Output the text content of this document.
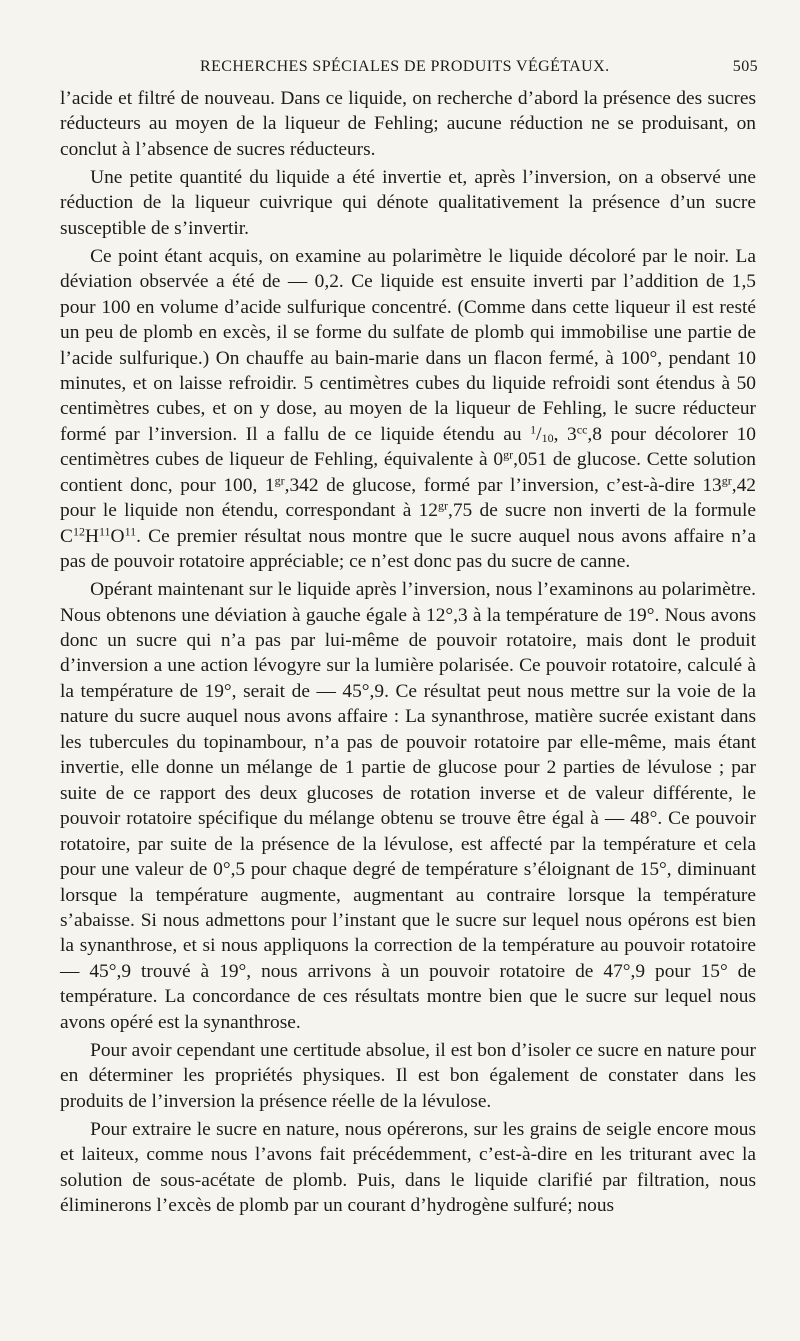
RECHERCHES SPÉCIALES DE PRODUITS VÉGÉTAUX.	505

l’acide et filtré de nouveau. Dans ce liquide, on recherche d’abord la présence des sucres réducteurs au moyen de la liqueur de Fehling; aucune réduction ne se produisant, on conclut à l’absence de sucres réducteurs.

Une petite quantité du liquide a été invertie et, après l’inversion, on a observé une réduction de la liqueur cuivrique qui dénote qualitativement la présence d’un sucre susceptible de s’invertir.

Ce point étant acquis, on examine au polarimètre le liquide décoloré par le noir. La déviation observée a été de — 0,2. Ce liquide est ensuite inverti par l’addition de 1,5 pour 100 en volume d’acide sulfurique concentré. (Comme dans cette liqueur il est resté un peu de plomb en excès, il se forme du sulfate de plomb qui immobilise une partie de l’acide sulfurique.) On chauffe au bain-marie dans un flacon fermé, à 100°, pendant 10 minutes, et on laisse refroidir. 5 centimètres cubes du liquide refroidi sont étendus à 50 centimètres cubes, et on y dose, au moyen de la liqueur de Fehling, le sucre réducteur formé par l’inversion. Il a fallu de ce liquide étendu au $^1/_{10}$, $3^{cc},8$ pour décolorer 10 centimètres cubes de liqueur de Fehling, équivalente à $0^{gr},051$ de glucose. Cette solution contient donc, pour 100, $1^{gr},342$ de glucose, formé par l’inversion, c’est-à-dire $13^{gr},42$ pour le liquide non étendu, correspondant à $12^{gr},75$ de sucre non inverti de la formule $C^{12}H^{11}O^{11}$. Ce premier résultat nous montre que le sucre auquel nous avons affaire n’a pas de pouvoir rotatoire appréciable; ce n’est donc pas du sucre de canne.

Opérant maintenant sur le liquide après l’inversion, nous l’examinons au polarimètre. Nous obtenons une déviation à gauche égale à 12°,3 à la température de 19°. Nous avons donc un sucre qui n’a pas par lui-même de pouvoir rotatoire, mais dont le produit d’inversion a une action lévogyre sur la lumière polarisée. Ce pouvoir rotatoire, calculé à la température de 19°, serait de — 45°,9. Ce résultat peut nous mettre sur la voie de la nature du sucre auquel nous avons affaire : La synanthrose, matière sucrée existant dans les tubercules du topinambour, n’a pas de pouvoir rotatoire par elle-même, mais étant invertie, elle donne un mélange de 1 partie de glucose pour 2 parties de lévulose ; par suite de ce rapport des deux glucoses de rotation inverse et de valeur différente, le pouvoir rotatoire spécifique du mélange obtenu se trouve être égal à — 48°. Ce pouvoir rotatoire, par suite de la présence de la lévulose, est affecté par la température et cela pour une valeur de 0°,5 pour chaque degré de température s’éloignant de 15°, diminuant lorsque la température augmente, augmentant au contraire lorsque la température s’abaisse. Si nous admettons pour l’instant que le sucre sur lequel nous opérons est bien la synanthrose, et si nous appliquons la correction de la température au pouvoir rotatoire — 45°,9 trouvé à 19°, nous arrivons à un pouvoir rotatoire de 47°,9 pour 15° de température. La concordance de ces résultats montre bien que le sucre sur lequel nous avons opéré est la synanthrose.

Pour avoir cependant une certitude absolue, il est bon d’isoler ce sucre en nature pour en déterminer les propriétés physiques. Il est bon également de constater dans les produits de l’inversion la présence réelle de la lévulose.

Pour extraire le sucre en nature, nous opérerons, sur les grains de seigle encore mous et laiteux, comme nous l’avons fait précédemment, c’est-à-dire en les triturant avec la solution de sous-acétate de plomb. Puis, dans le liquide clarifié par filtration, nous éliminerons l’excès de plomb par un courant d’hydrogène sulfuré; nous
